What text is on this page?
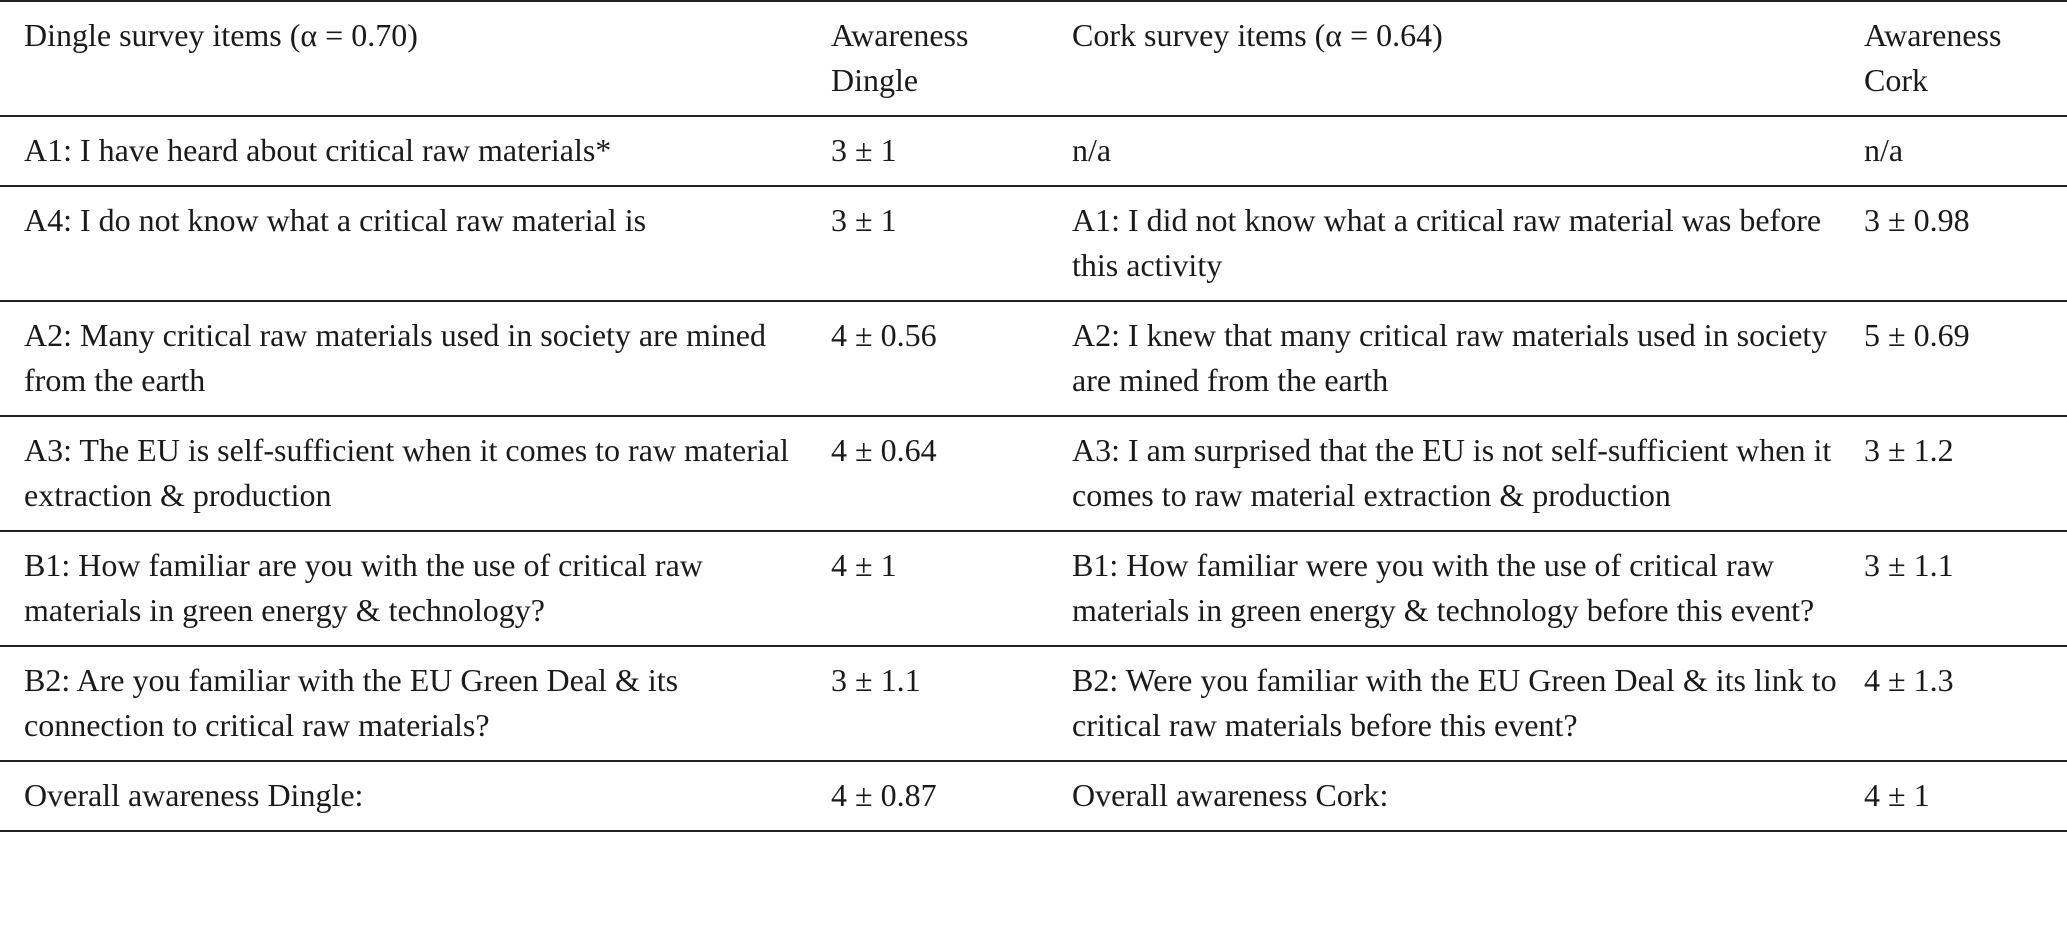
Dingle survey items (α = 0.70)	Awareness Dingle	Cork survey items (α = 0.64)	Awareness Cork
A1: I have heard about critical raw materials*	3 ± 1	n/a	n/a
A4: I do not know what a critical raw material is	3 ± 1	A1: I did not know what a critical raw material was before this activity	3 ± 0.98
A2: Many critical raw materials used in society are mined from the earth	4 ± 0.56	A2: I knew that many critical raw materials used in society are mined from the earth	5 ± 0.69
A3: The EU is self-sufficient when it comes to raw material extraction & production	4 ± 0.64	A3: I am surprised that the EU is not self-sufficient when it comes to raw material extraction & production	3 ± 1.2
B1: How familiar are you with the use of critical raw materials in green energy & technology?	4 ± 1	B1: How familiar were you with the use of critical raw materials in green energy & technology before this event?	3 ± 1.1
B2: Are you familiar with the EU Green Deal & its connection to critical raw materials?	3 ± 1.1	B2: Were you familiar with the EU Green Deal & its link to critical raw materials before this event?	4 ± 1.3
Overall awareness Dingle:	4 ± 0.87	Overall awareness Cork:	4 ± 1
